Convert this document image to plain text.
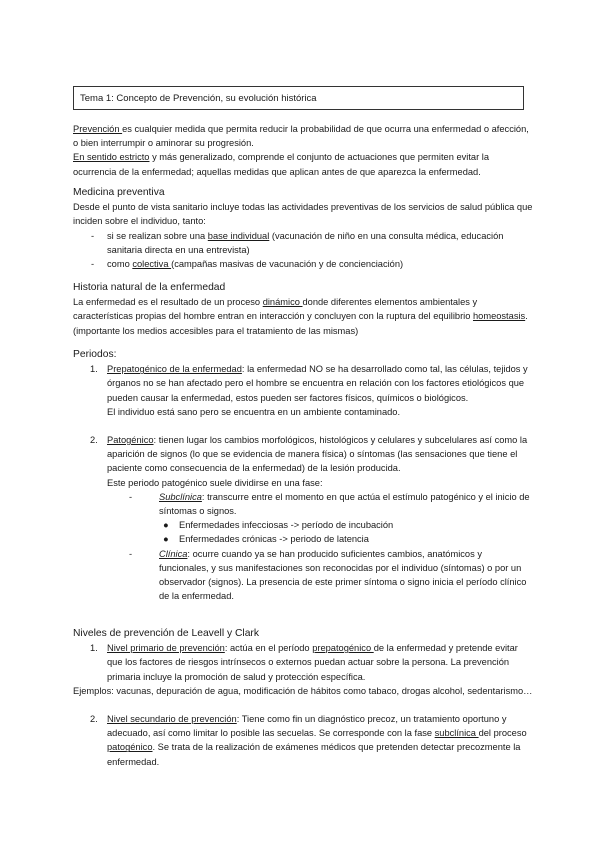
Tema 1: Concepto de Prevención, su evolución histórica

Prevención es cualquier medida que permita reducir la probabilidad de que ocurra una enfermedad o afección, o bien interrumpir o aminorar su progresión.

En sentido estricto y más generalizado, comprende el conjunto de actuaciones que permiten evitar la ocurrencia de la enfermedad; aquellas medidas que aplican antes de que aparezca la enfermedad.

Medicina preventiva

Desde el punto de vista sanitario incluye todas las actividades preventivas de los servicios de salud pública que inciden sobre el individuo, tanto:

- si se realizan sobre una base individual (vacunación de niño en una consulta médica, educación sanitaria directa en una entrevista)
- como colectiva (campañas masivas de vacunación y de concienciación)

Historia natural de la enfermedad

La enfermedad es el resultado de un proceso dinámico donde diferentes elementos ambientales y características propias del hombre entran en interacción y concluyen con la ruptura del equilibrio homeostasis. (importante los medios accesibles para el tratamiento de las mismas)

Periodos:

1. Prepatogénico de la enfermedad: la enfermedad NO se ha desarrollado como tal, las células, tejidos y órganos no se han afectado pero el hombre se encuentra en relación con los factores etiológicos que pueden causar la enfermedad, estos pueden ser factores físicos, químicos o biológicos.

El individuo está sano pero se encuentra en un ambiente contaminado.

2. Patogénico: tienen lugar los cambios morfológicos, histológicos y celulares y subcelulares así como la aparición de signos (lo que se evidencia de manera física) o síntomas (las sensaciones que tiene el paciente como consecuencia de la enfermedad) de la lesión producida.

Este periodo patogénico suele dividirse en una fase:

-	Subclínica: transcurre entre el momento en que actúa el estímulo patogénico y el inicio de síntomas o signos.
● Enfermedades infecciosas -> período de incubación
● Enfermedades crónicas -> periodo de latencia
-	Clínica: ocurre cuando ya se han producido suficientes cambios, anatómicos y funcionales, y sus manifestaciones son reconocidas por el individuo (síntomas) o por un observador (signos). La presencia de este primer síntoma o signo inicia el período clínico de la enfermedad.

Niveles de prevención de Leavell y Clark

1. Nivel primario de prevención: actúa en el período prepatogénico de la enfermedad y pretende evitar que los factores de riesgos intrínsecos o externos puedan actuar sobre la persona. La prevención primaria incluye la promoción de salud y protección específica.

Ejemplos: vacunas, depuración de agua, modificación de hábitos como tabaco, drogas alcohol, sedentarismo…

2. Nivel secundario de prevención: Tiene como fin un diagnóstico precoz, un tratamiento oportuno y adecuado, así como limitar lo posible las secuelas. Se corresponde con la fase subclínica del proceso patogénico. Se trata de la realización de exámenes médicos que pretenden detectar precozmente la enfermedad.
